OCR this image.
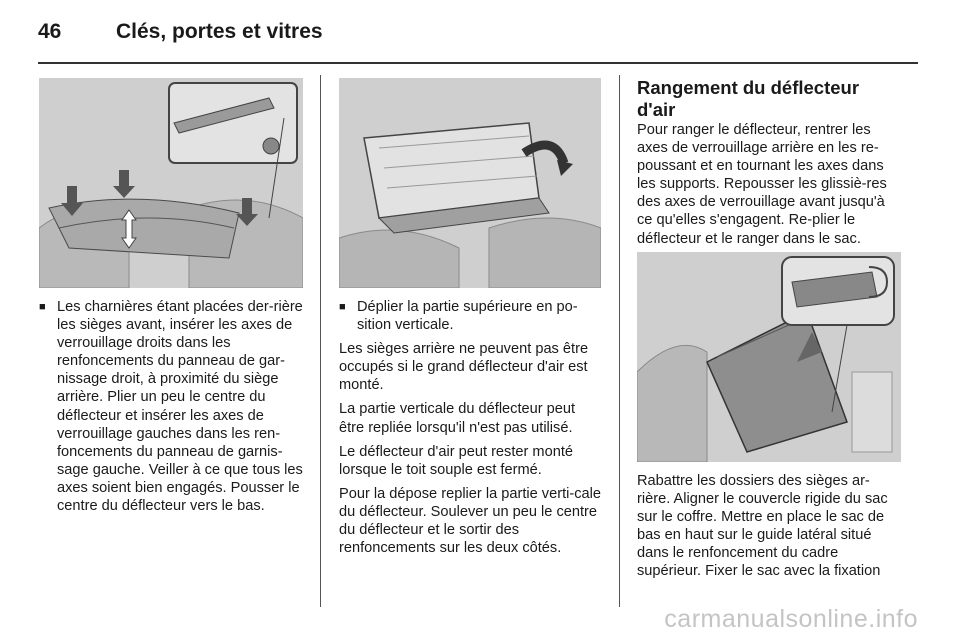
46	Clés, portes et vitres
■ Les charnières étant placées der-rière les sièges avant, insérer les axes de verrouillage droits dans les renfoncements du panneau de gar-nissage droit, à proximité du siège arrière. Plier un peu le centre du déflecteur et insérer les axes de verrouillage gauches dans les ren-foncements du panneau de garnis-sage gauche. Veiller à ce que tous les axes soient bien engagés. Pousser le centre du déflecteur vers le bas.
■ Déplier la partie supérieure en po-sition verticale.

Les sièges arrière ne peuvent pas être occupés si le grand déflecteur d'air est monté.

La partie verticale du déflecteur peut être repliée lorsqu'il n'est pas utilisé.

Le déflecteur d'air peut rester monté lorsque le toit souple est fermé.

Pour la dépose replier la partie verti-cale du déflecteur. Soulever un peu le centre du déflecteur et le sortir des renfoncements sur les deux côtés.

Rangement du déflecteur d'air

Pour ranger le déflecteur, rentrer les axes de verrouillage arrière en les re-poussant et en tournant les axes dans les supports. Repousser les glissiè-res des axes de verrouillage avant jusqu'à ce qu'elles s'engagent. Re-plier le déflecteur et le ranger dans le sac.

Rabattre les dossiers des sièges ar-rière. Aligner le couvercle rigide du sac sur le coffre. Mettre en place le sac de bas en haut sur le guide latéral situé dans le renfoncement du cadre supérieur. Fixer le sac avec la fixation

carmanualsonline.info
